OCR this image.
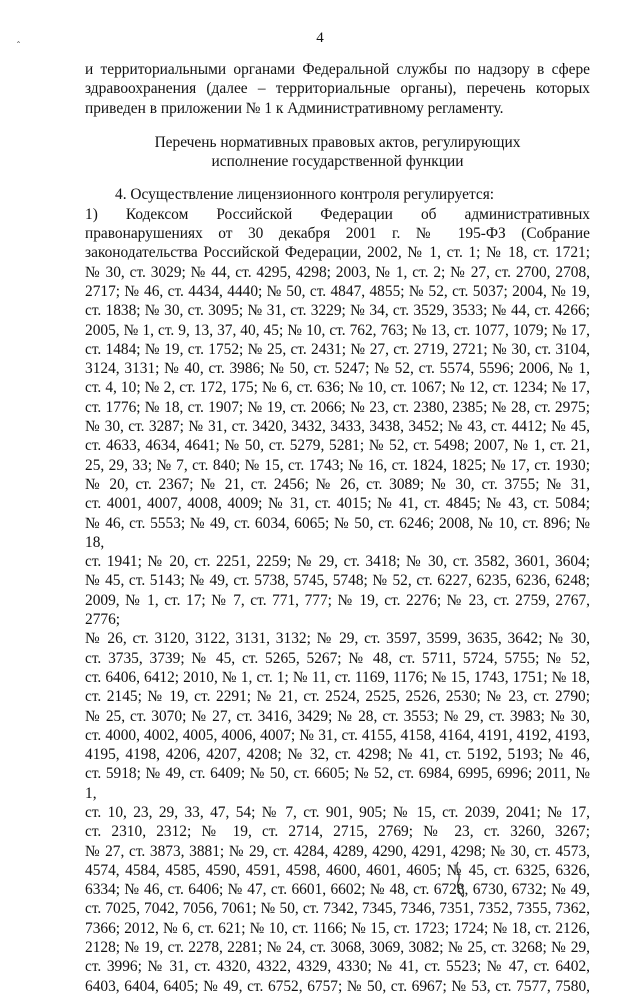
4
ˆ

и территориальными органами Федеральной службы по надзору в сфере

здравоохранения (далее – территориальные органы), перечень которых

приведен в приложении № 1 к Административному регламенту.

Перечень нормативных правовых актов, регулирующих
исполнение государственной функции

4. Осуществление лицензионного контроля регулируется:

1) Кодексом Российской Федерации об административных

правонарушениях от 30 декабря 2001 г. № 195-ФЗ (Собрание

законодательства Российской Федерации, 2002, № 1, ст. 1; № 18, ст. 1721;

№ 30, ст. 3029; № 44, ст. 4295, 4298; 2003, № 1, ст. 2; № 27, ст. 2700, 2708,

2717; № 46, ст. 4434, 4440; № 50, ст. 4847, 4855; № 52, ст. 5037; 2004, № 19,

ст. 1838; № 30, ст. 3095; № 31, ст. 3229; № 34, ст. 3529, 3533; № 44, ст. 4266;

2005, № 1, ст. 9, 13, 37, 40, 45; № 10, ст. 762, 763; № 13, ст. 1077, 1079; № 17,

ст. 1484; № 19, ст. 1752; № 25, ст. 2431; № 27, ст. 2719, 2721; № 30, ст. 3104,

3124, 3131; № 40, ст. 3986; № 50, ст. 5247; № 52, ст. 5574, 5596; 2006, № 1,

ст. 4, 10; № 2, ст. 172, 175; № 6, ст. 636; № 10, ст. 1067; № 12, ст. 1234; № 17,

ст. 1776; № 18, ст. 1907; № 19, ст. 2066; № 23, ст. 2380, 2385; № 28, ст. 2975;

№ 30, ст. 3287; № 31, ст. 3420, 3432, 3433, 3438, 3452; № 43, ст. 4412; № 45,

ст. 4633, 4634, 4641; № 50, ст. 5279, 5281; № 52, ст. 5498; 2007, № 1, ст. 21,

25, 29, 33; № 7, ст. 840; № 15, ст. 1743; № 16, ст. 1824, 1825; № 17, ст. 1930;

№ 20, ст. 2367; № 21, ст. 2456; № 26, ст. 3089; № 30, ст. 3755; № 31,

ст. 4001, 4007, 4008, 4009; № 31, ст. 4015; № 41, ст. 4845; № 43, ст. 5084;

№ 46, ст. 5553; № 49, ст. 6034, 6065; № 50, ст. 6246; 2008, № 10, ст. 896; № 18,

ст. 1941; № 20, ст. 2251, 2259; № 29, ст. 3418; № 30, ст. 3582, 3601, 3604;

№ 45, ст. 5143; № 49, ст. 5738, 5745, 5748; № 52, ст. 6227, 6235, 6236, 6248;

2009, № 1, ст. 17; № 7, ст. 771, 777; № 19, ст. 2276; № 23, ст. 2759, 2767, 2776;

№ 26, ст. 3120, 3122, 3131, 3132; № 29, ст. 3597, 3599, 3635, 3642; № 30,

ст. 3735, 3739; № 45, ст. 5265, 5267; № 48, ст. 5711, 5724, 5755; № 52,

ст. 6406, 6412; 2010, № 1, ст. 1; № 11, ст. 1169, 1176; № 15, 1743, 1751; № 18,

ст. 2145; № 19, ст. 2291; № 21, ст. 2524, 2525, 2526, 2530; № 23, ст. 2790;

№ 25, ст. 3070; № 27, ст. 3416, 3429; № 28, ст. 3553; № 29, ст. 3983; № 30,

ст. 4000, 4002, 4005, 4006, 4007; № 31, ст. 4155, 4158, 4164, 4191, 4192, 4193,

4195, 4198, 4206, 4207, 4208; № 32, ст. 4298; № 41, ст. 5192, 5193; № 46,

ст. 5918; № 49, ст. 6409; № 50, ст. 6605; № 52, ст. 6984, 6995, 6996; 2011, № 1,

ст. 10, 23, 29, 33, 47, 54; № 7, ст. 901, 905; № 15, ст. 2039, 2041; № 17,

ст. 2310, 2312; № 19, ст. 2714, 2715, 2769; № 23, ст. 3260, 3267;

№ 27, ст. 3873, 3881; № 29, ст. 4284, 4289, 4290, 4291, 4298; № 30, ст. 4573,

4574, 4584, 4585, 4590, 4591, 4598, 4600, 4601, 4605; № 45, ст. 6325, 6326,

6334; № 46, ст. 6406; № 47, ст. 6601, 6602; № 48, ст. 6728, 6730, 6732; № 49,

ст. 7025, 7042, 7056, 7061; № 50, ст. 7342, 7345, 7346, 7351, 7352, 7355, 7362,

7366; 2012, № 6, ст. 621; № 10, ст. 1166; № 15, ст. 1723; 1724; № 18, ст. 2126,

2128; № 19, ст. 2278, 2281; № 24, ст. 3068, 3069, 3082; № 25, ст. 3268; № 29,

ст. 3996; № 31, ст. 4320, 4322, 4329, 4330; № 41, ст. 5523; № 47, ст. 6402,

6403, 6404, 6405; № 49, ст. 6752, 6757; № 50, ст. 6967; № 53, ст. 7577, 7580,
